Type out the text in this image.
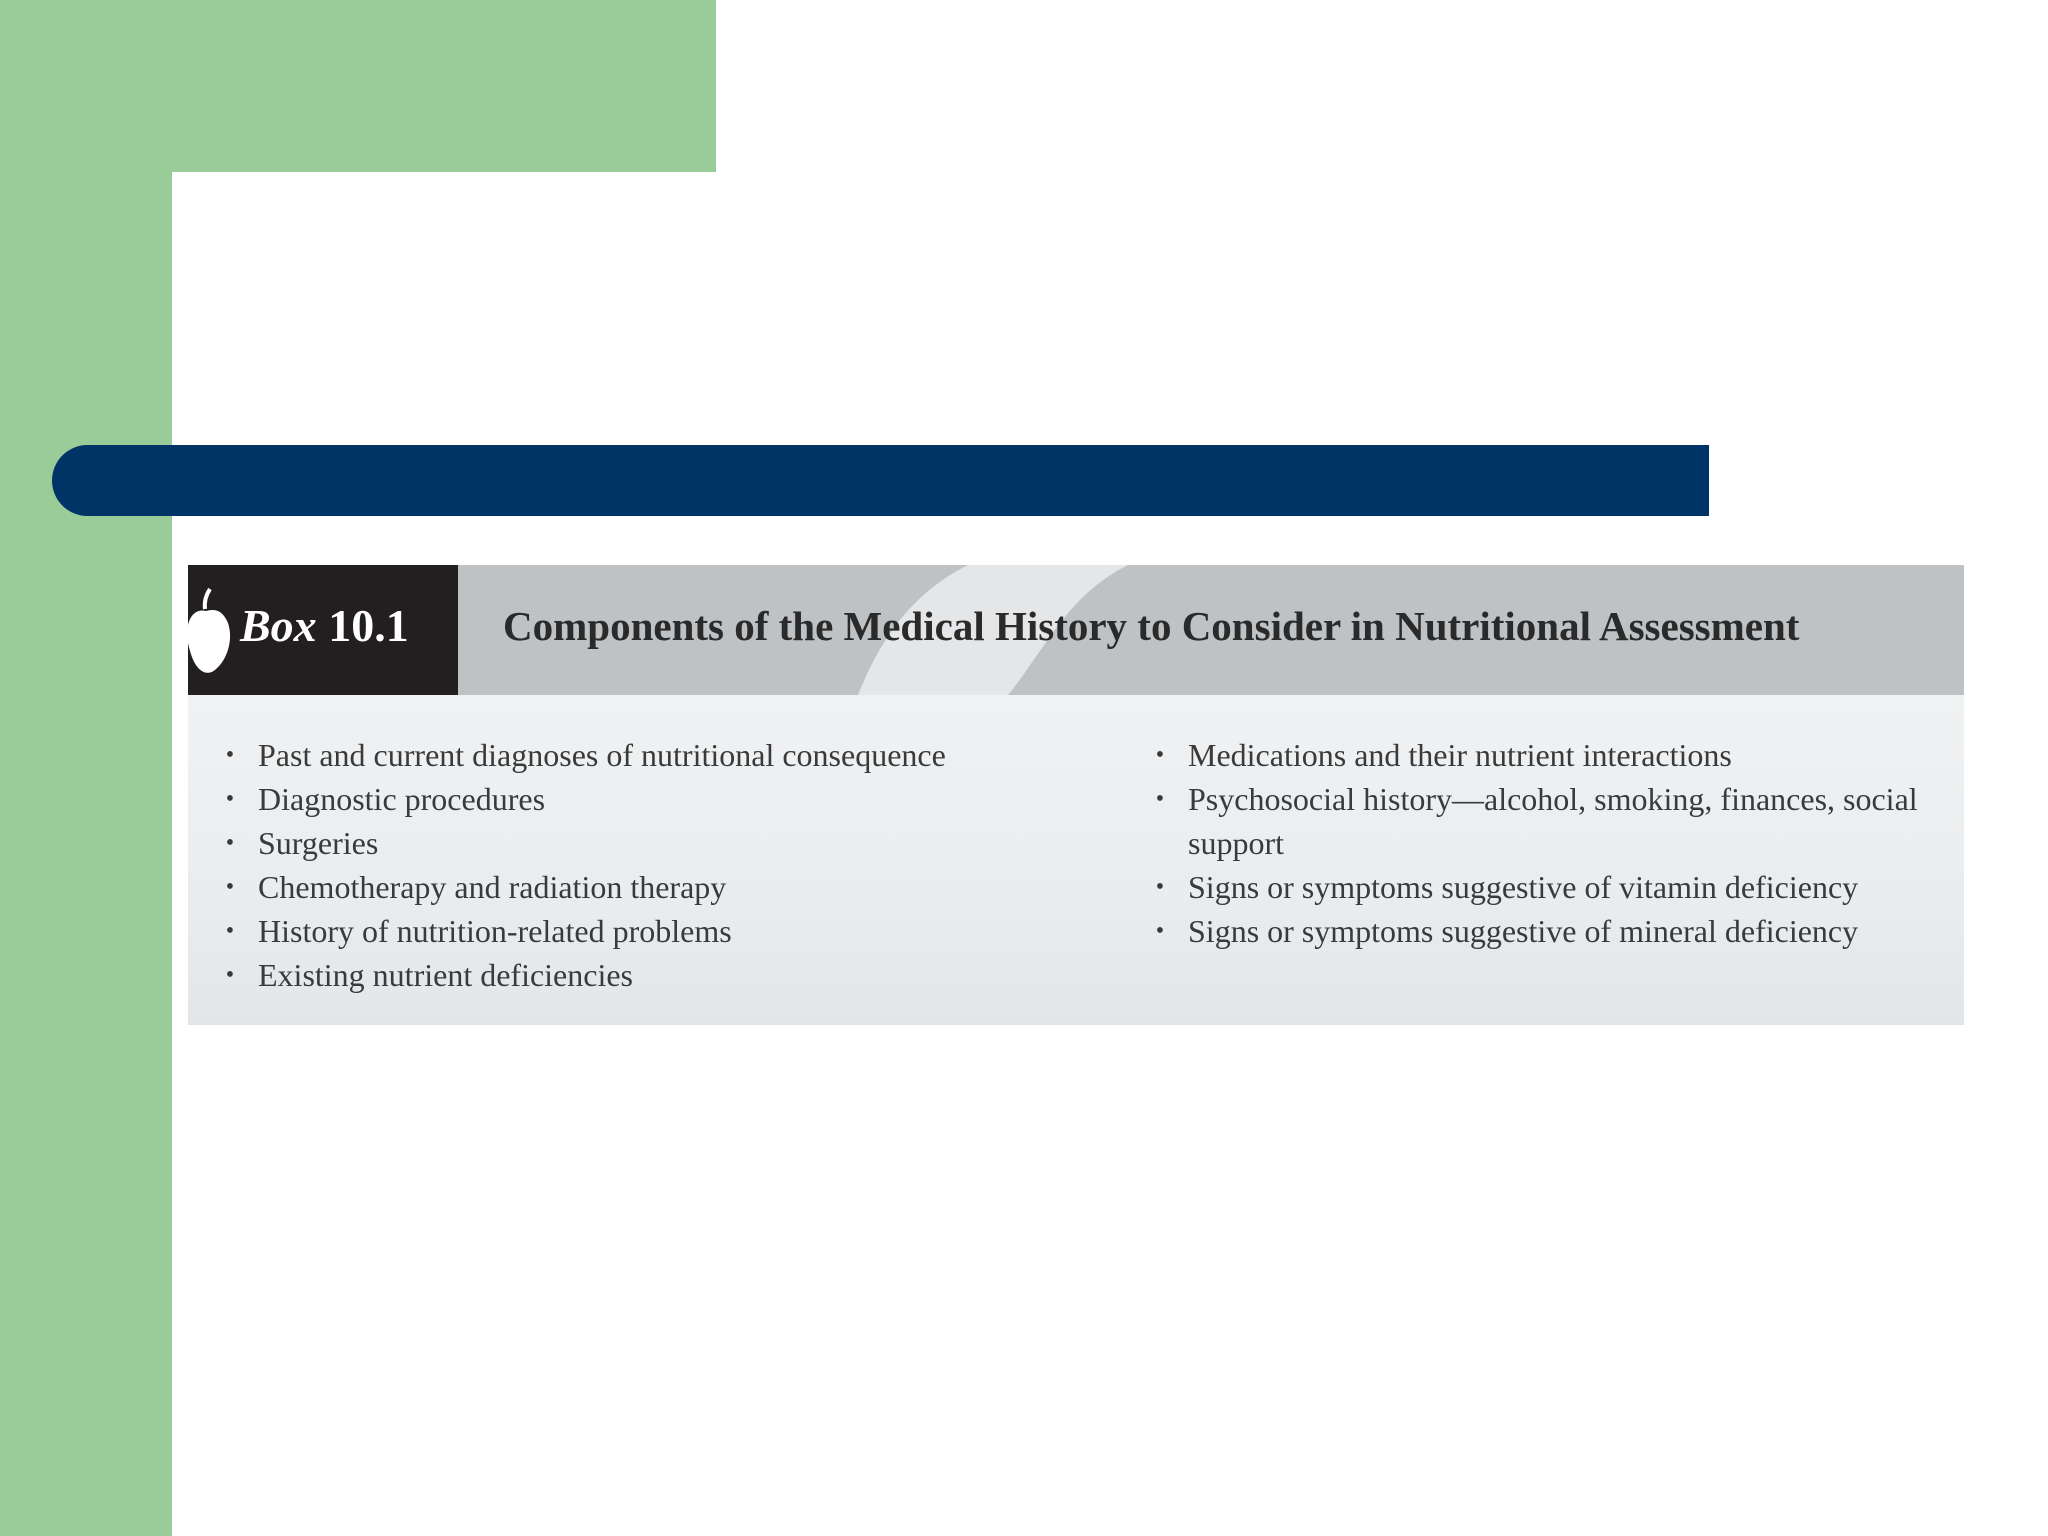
Box 10.1 Components of the Medical History to Consider in Nutritional Assessment
• Past and current diagnoses of nutritional consequence
• Diagnostic procedures
• Surgeries
• Chemotherapy and radiation therapy
• History of nutrition-related problems
• Existing nutrient deficiencies
• Medications and their nutrient interactions
• Psychosocial history—alcohol, smoking, finances, social support
• Signs or symptoms suggestive of vitamin deficiency
• Signs or symptoms suggestive of mineral deficiency
